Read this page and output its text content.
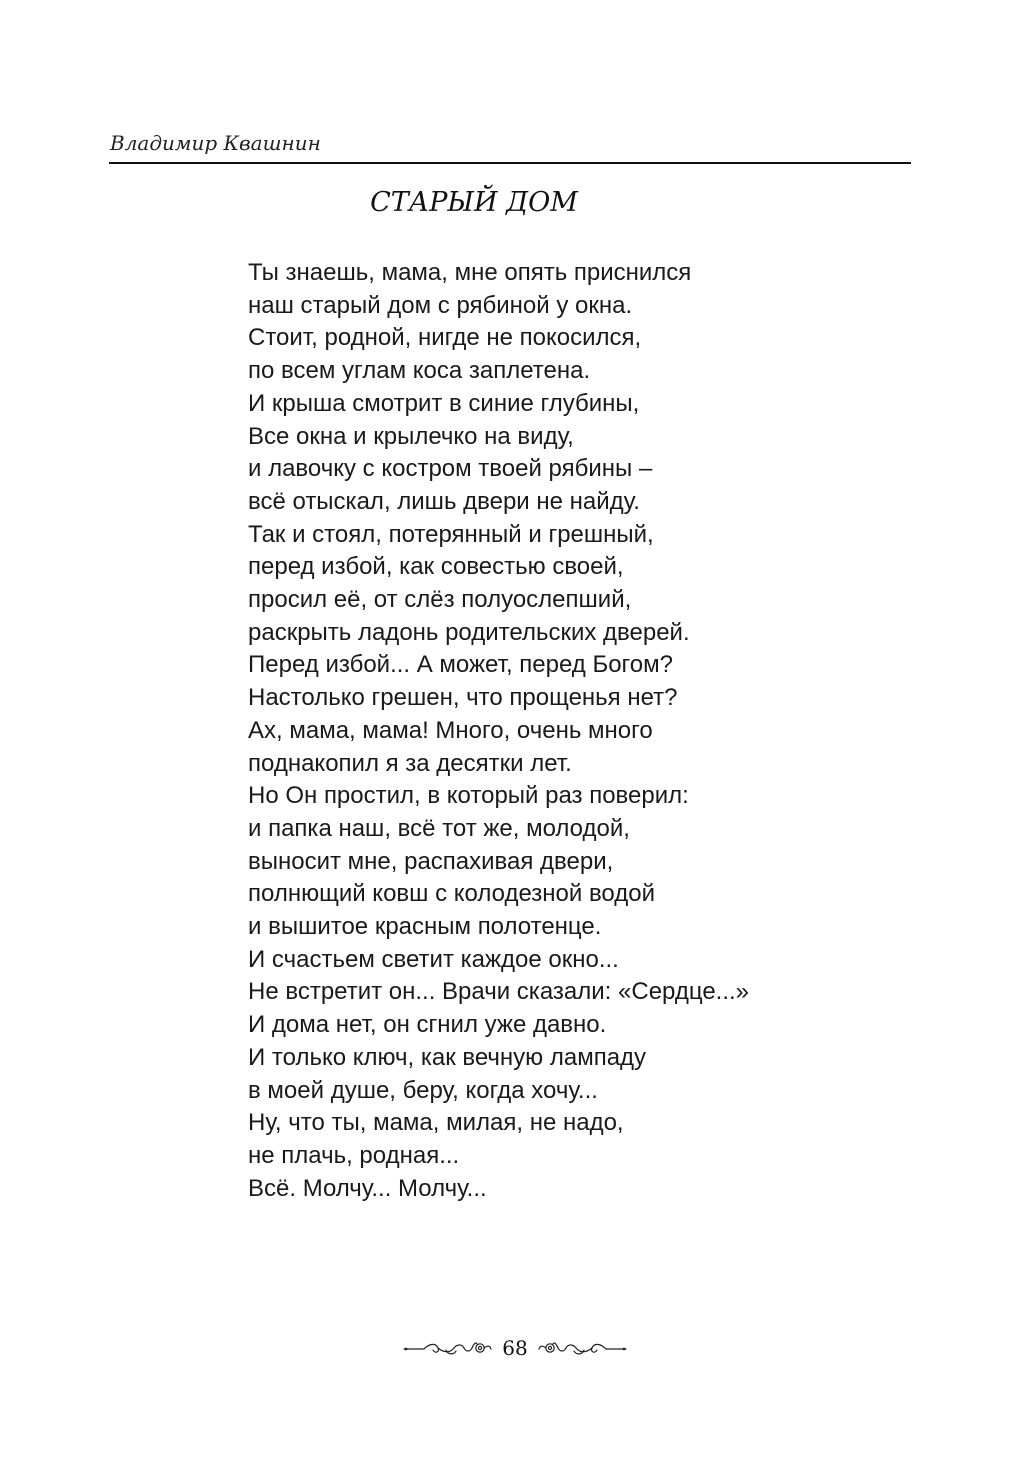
Владимир Квашнин
СТАРЫЙ ДОМ
Ты знаешь, мама, мне опять приснился
наш старый дом с рябиной у окна.
Стоит, родной, нигде не покосился,
по всем углам коса заплетена.
И крыша смотрит в синие глубины,
Все окна и крылечко на виду,
и лавочку с костром твоей рябины –
всё отыскал, лишь двери не найду.
Так и стоял, потерянный и грешный,
перед избой, как совестью своей,
просил её, от слёз полуослепший,
раскрыть ладонь родительских дверей.
Перед избой... А может, перед Богом?
Настолько грешен, что прощенья нет?
Ах, мама, мама! Много, очень много
поднакопил я за десятки лет.
Но Он простил, в который раз поверил:
и папка наш, всё тот же, молодой,
выносит мне, распахивая двери,
полнющий ковш с колодезной водой
и вышитое красным полотенце.
И счастьем светит каждое окно...
Не встретит он... Врачи сказали: «Сердце...»
И дома нет, он сгнил уже давно.
И только ключ, как вечную лампаду
в моей душе, беру, когда хочу...
Ну, что ты, мама, милая, не надо,
не плачь, родная...
Всё. Молчу... Молчу...
68
